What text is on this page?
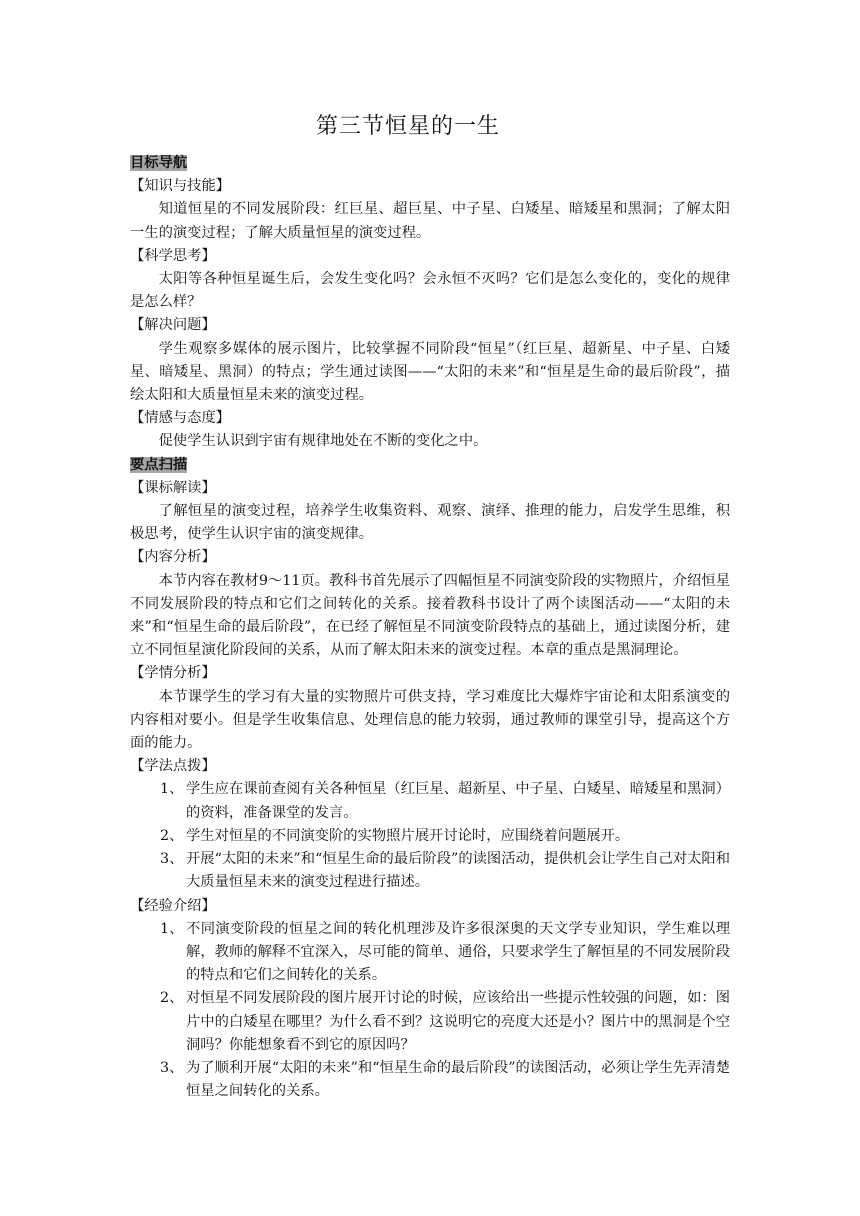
第三节恒星的一生

目标导航

【知识与技能】

知道恒星的不同发展阶段：红巨星、超巨星、中子星、白矮星、暗矮星和黑洞；了解太阳一生的演变过程；了解大质量恒星的演变过程。

【科学思考】

太阳等各种恒星诞生后，会发生变化吗？会永恒不灭吗？它们是怎么变化的，变化的规律是怎么样？

【解决问题】

学生观察多媒体的展示图片，比较掌握不同阶段“恒星”（红巨星、超新星、中子星、白矮星、暗矮星、黑洞）的特点；学生通过读图——“太阳的未来”和“恒星是生命的最后阶段”，描绘太阳和大质量恒星未来的演变过程。

【情感与态度】

促使学生认识到宇宙有规律地处在不断的变化之中。

要点扫描

【课标解读】

了解恒星的演变过程，培养学生收集资料、观察、演绎、推理的能力，启发学生思维，积极思考，使学生认识宇宙的演变规律。

【内容分析】

本节内容在教材9～11页。教科书首先展示了四幅恒星不同演变阶段的实物照片，介绍恒星不同发展阶段的特点和它们之间转化的关系。接着教科书设计了两个读图活动——“太阳的未来”和“恒星生命的最后阶段”，在已经了解恒星不同演变阶段特点的基础上，通过读图分析，建立不同恒星演化阶段间的关系，从而了解太阳未来的演变过程。本章的重点是黑洞理论。

【学情分析】

本节课学生的学习有大量的实物照片可供支持，学习难度比大爆炸宇宙论和太阳系演变的内容相对要小。但是学生收集信息、处理信息的能力较弱，通过教师的课堂引导，提高这个方面的能力。

【学法点拨】

1、 学生应在课前查阅有关各种恒星（红巨星、超新星、中子星、白矮星、暗矮星和黑洞）的资料，准备课堂的发言。
2、 学生对恒星的不同演变阶的实物照片展开讨论时，应围绕着问题展开。
3、 开展“太阳的未来”和“恒星生命的最后阶段”的读图活动，提供机会让学生自己对太阳和大质量恒星未来的演变过程进行描述。

【经验介绍】

1、 不同演变阶段的恒星之间的转化机理涉及许多很深奥的天文学专业知识，学生难以理解，教师的解释不宜深入，尽可能的简单、通俗，只要求学生了解恒星的不同发展阶段的特点和它们之间转化的关系。
2、 对恒星不同发展阶段的图片展开讨论的时候，应该给出一些提示性较强的问题，如：图片中的白矮星在哪里？为什么看不到？这说明它的亮度大还是小？图片中的黑洞是个空洞吗？你能想象看不到它的原因吗？
3、 为了顺利开展“太阳的未来”和“恒星生命的最后阶段”的读图活动，必须让学生先弄清楚恒星之间转化的关系。
